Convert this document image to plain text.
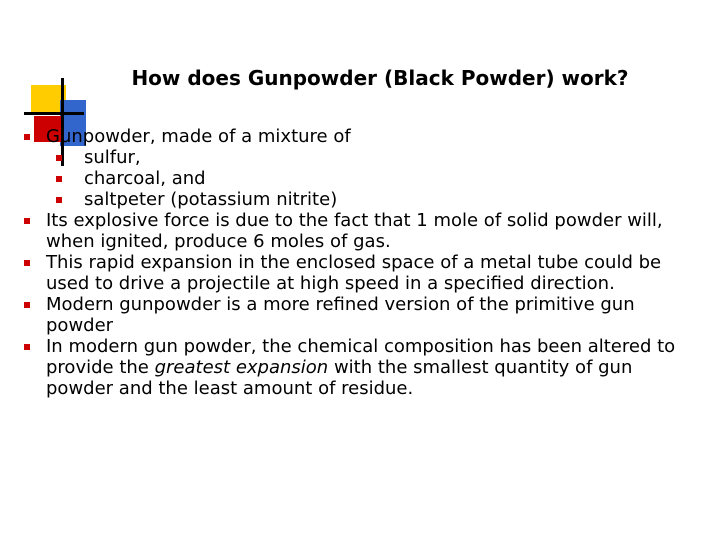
How does Gunpowder (Black Powder) work?
Gunpowder, made of a mixture of
sulfur,
charcoal, and
saltpeter (potassium nitrite)
Its explosive force is due to the fact that 1 mole of solid powder will, when ignited, produce 6 moles of gas.
This rapid expansion in the enclosed space of a metal tube could be used to drive a projectile at high speed in a specified direction.
Modern gunpowder is a more refined version of the primitive gun powder
In modern gun powder, the chemical composition has been altered to provide the greatest expansion with the smallest quantity of gun powder and the least amount of residue.
